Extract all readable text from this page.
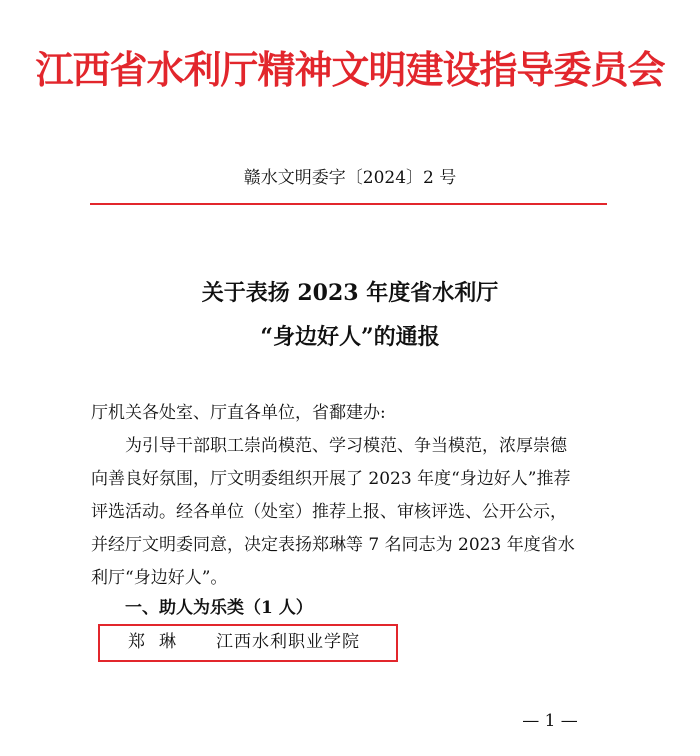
江西省水利厅精神文明建设指导委员会
赣水文明委字〔2024〕2 号
关于表扬 2023 年度省水利厅
“身边好人”的通报
厅机关各处室、厅直各单位，省鄱建办:
为引导干部职工崇尚模范、学习模范、争当模范，浓厚崇德
向善良好氛围，厅文明委组织开展了 2023 年度“身边好人”推荐
评选活动。经各单位（处室）推荐上报、审核评选、公开公示，
并经厅文明委同意，决定表扬郑琳等 7 名同志为 2023 年度省水
利厅“身边好人”。
一、助人为乐类（1 人）
郑琳 江西水利职业学院
— 1 —
